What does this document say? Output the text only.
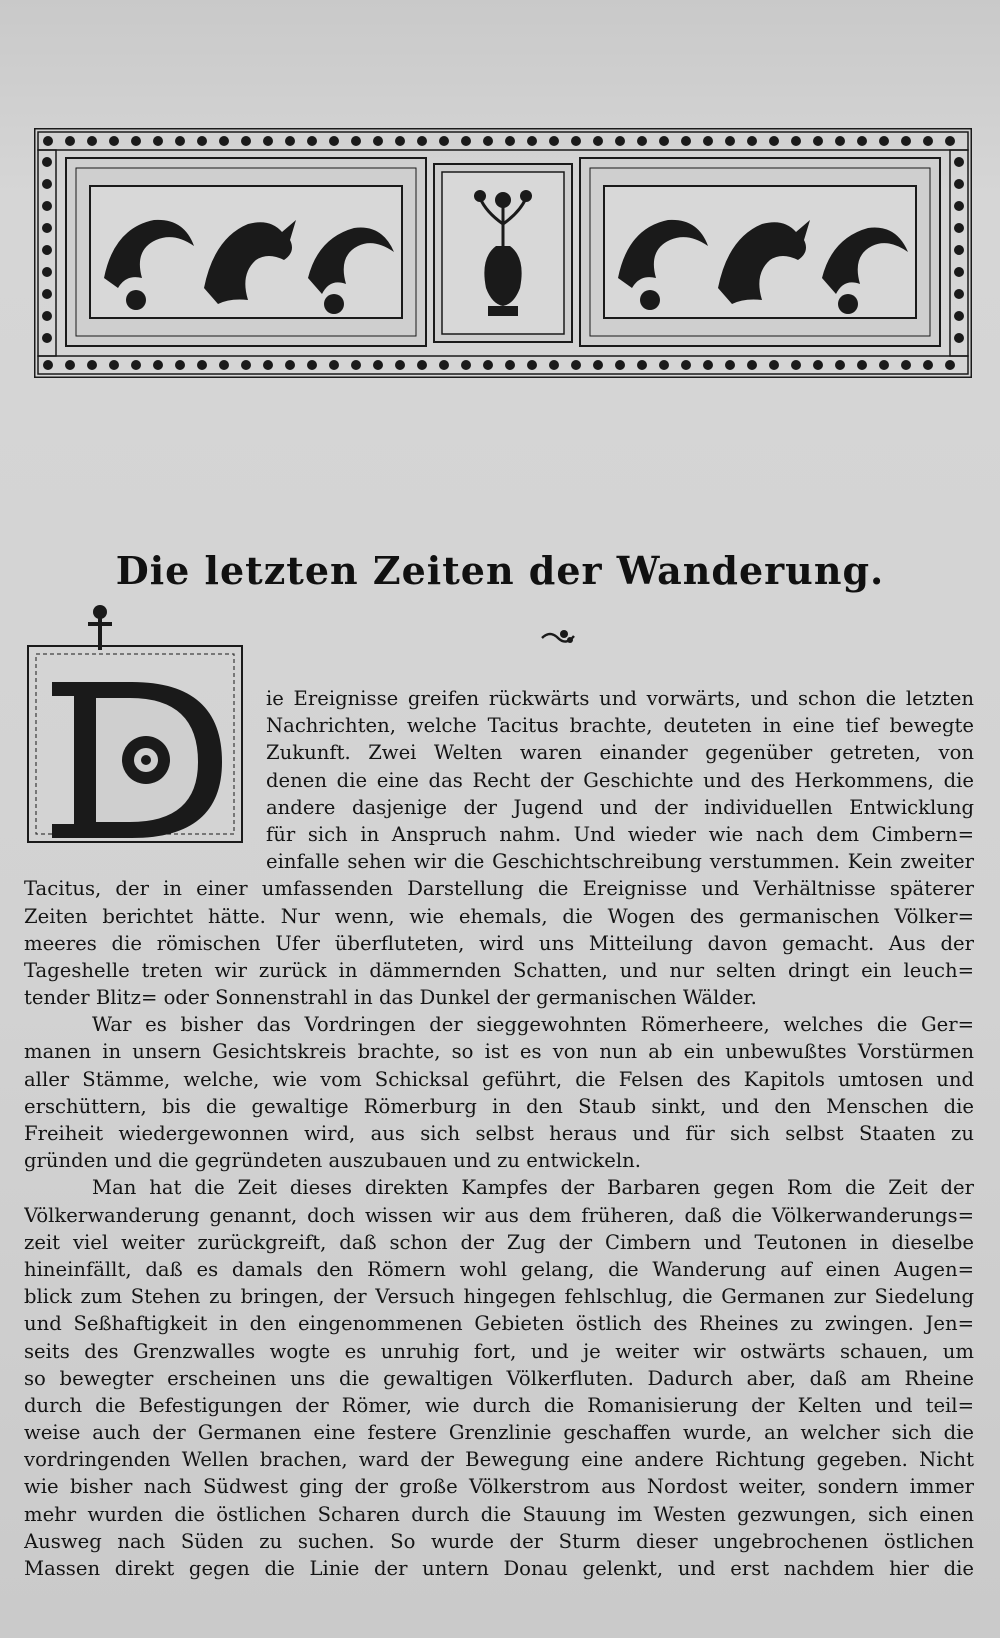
Die letzten Zeiten der Wanderung.
ie Ereignisse greifen rückwärts und vorwärts, und schon die letzten
Nachrichten, welche Tacitus brachte, deuteten in eine tief bewegte
Zukunft. Zwei Welten waren einander gegenüber getreten, von
denen die eine das Recht der Geschichte und des Herkommens, die
andere dasjenige der Jugend und der individuellen Entwicklung
für sich in Anspruch nahm. Und wieder wie nach dem Cimbern=
einfalle sehen wir die Geschichtschreibung verstummen. Kein zweiter
Tacitus, der in einer umfassenden Darstellung die Ereignisse und Verhältnisse späterer
Zeiten berichtet hätte. Nur wenn, wie ehemals, die Wogen des germanischen Völker=
meeres die römischen Ufer überfluteten, wird uns Mitteilung davon gemacht. Aus der
Tageshelle treten wir zurück in dämmernden Schatten, und nur selten dringt ein leuch=
tender Blitz= oder Sonnenstrahl in das Dunkel der germanischen Wälder.
War es bisher das Vordringen der sieggewohnten Römerheere, welches die Ger=
manen in unsern Gesichtskreis brachte, so ist es von nun ab ein unbewußtes Vorstürmen
aller Stämme, welche, wie vom Schicksal geführt, die Felsen des Kapitols umtosen und
erschüttern, bis die gewaltige Römerburg in den Staub sinkt, und den Menschen die
Freiheit wiedergewonnen wird, aus sich selbst heraus und für sich selbst Staaten zu
gründen und die gegründeten auszubauen und zu entwickeln.
Man hat die Zeit dieses direkten Kampfes der Barbaren gegen Rom die Zeit der
Völkerwanderung genannt, doch wissen wir aus dem früheren, daß die Völkerwanderungs=
zeit viel weiter zurückgreift, daß schon der Zug der Cimbern und Teutonen in dieselbe
hineinfällt, daß es damals den Römern wohl gelang, die Wanderung auf einen Augen=
blick zum Stehen zu bringen, der Versuch hingegen fehlschlug, die Germanen zur Siedelung
und Seßhaftigkeit in den eingenommenen Gebieten östlich des Rheines zu zwingen. Jen=
seits des Grenzwalles wogte es unruhig fort, und je weiter wir ostwärts schauen, um
so bewegter erscheinen uns die gewaltigen Völkerfluten. Dadurch aber, daß am Rheine
durch die Befestigungen der Römer, wie durch die Romanisierung der Kelten und teil=
weise auch der Germanen eine festere Grenzlinie geschaffen wurde, an welcher sich die
vordringenden Wellen brachen, ward der Bewegung eine andere Richtung gegeben. Nicht
wie bisher nach Südwest ging der große Völkerstrom aus Nordost weiter, sondern immer
mehr wurden die östlichen Scharen durch die Stauung im Westen gezwungen, sich einen
Ausweg nach Süden zu suchen. So wurde der Sturm dieser ungebrochenen östlichen
Massen direkt gegen die Linie der untern Donau gelenkt, und erst nachdem hier die
